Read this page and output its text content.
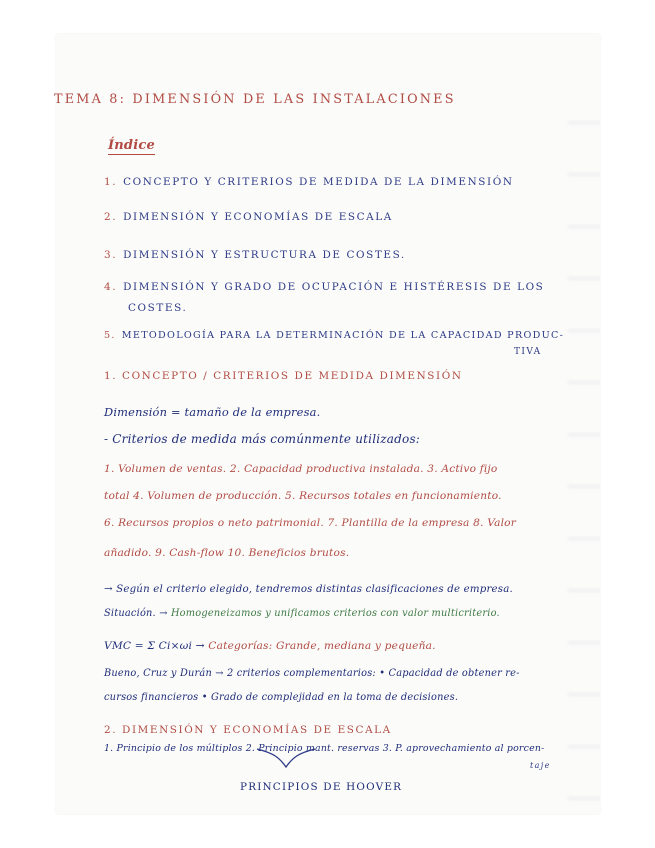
TEMA 8: DIMENSIÓN DE LAS INSTALACIONES
Índice
1. CONCEPTO Y CRITERIOS DE MEDIDA DE LA DIMENSIÓN
2. DIMENSIÓN Y ECONOMÍAS DE ESCALA
3. DIMENSIÓN Y ESTRUCTURA DE COSTES.
4. DIMENSIÓN Y GRADO DE OCUPACIÓN E HISTÉRESIS DE LOS
COSTES.
5. METODOLOGÍA PARA LA DETERMINACIÓN DE LA CAPACIDAD PRODUC-
TIVA
1. CONCEPTO / CRITERIOS DE MEDIDA DIMENSIÓN
Dimensión = tamaño de la empresa.
- Criterios de medida más comúnmente utilizados:
1. Volumen de ventas. 2. Capacidad productiva instalada. 3. Activo fijo
total 4. Volumen de producción. 5. Recursos totales en funcionamiento.
6. Recursos propios o neto patrimonial. 7. Plantilla de la empresa 8. Valor
añadido. 9. Cash-flow 10. Beneficios brutos.
→ Según el criterio elegido, tendremos distintas clasificaciones de empresa.
Situación. → Homogeneizamos y unificamos criterios con valor multicriterio.
VMC = Σ Ci×ωi → Categorías: Grande, mediana y pequeña.
Bueno, Cruz y Durán → 2 criterios complementarios: • Capacidad de obtener re-
cursos financieros • Grado de complejidad en la toma de decisiones.
2. DIMENSIÓN Y ECONOMÍAS DE ESCALA
1. Principio de los múltiplos 2. Principio mant. reservas 3. P. aprovechamiento al porcen-
taje
PRINCIPIOS DE HOOVER
